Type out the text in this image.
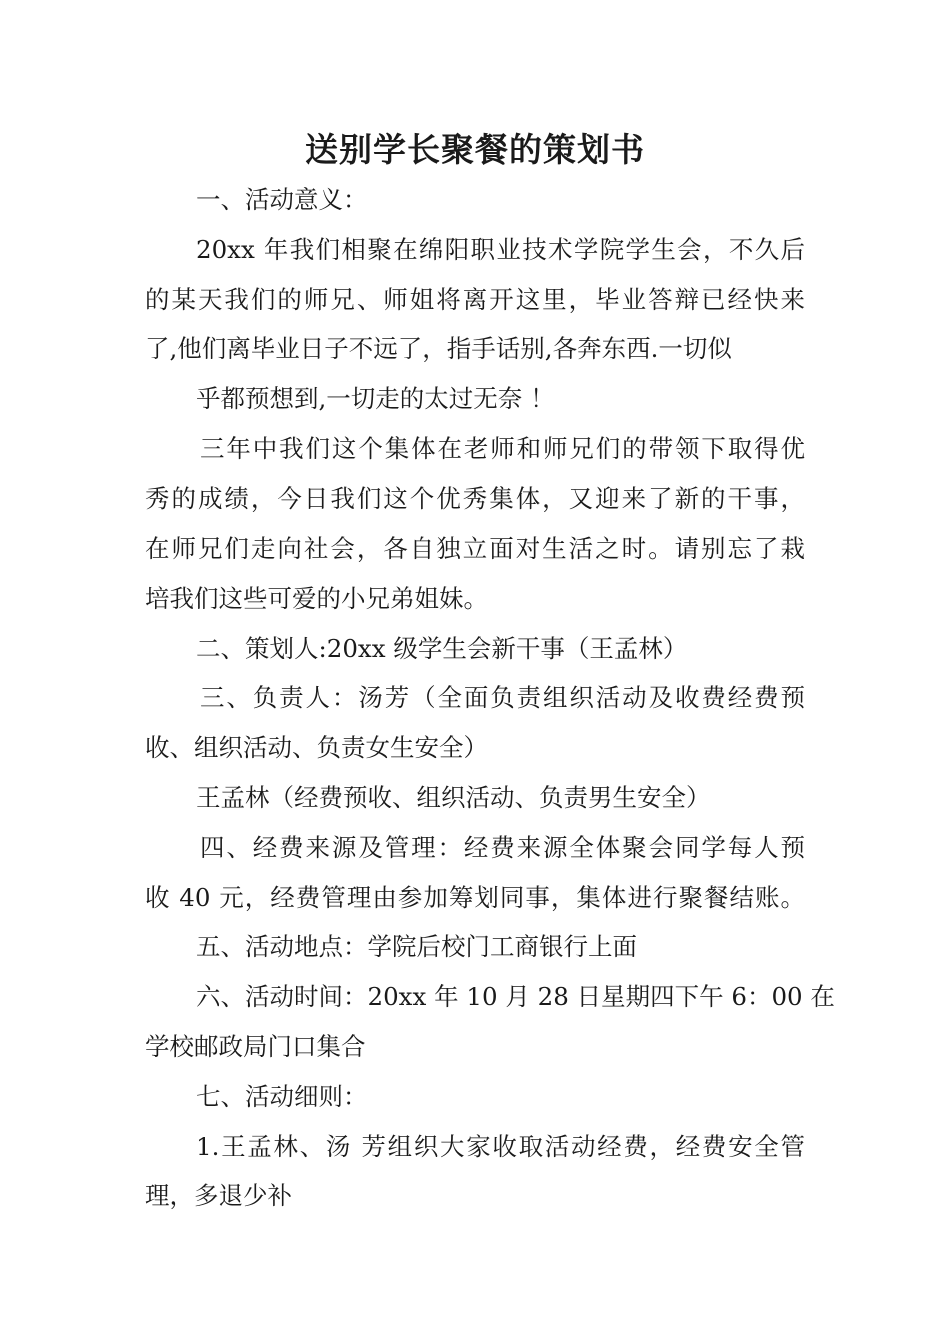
送别学长聚餐的策划书
一、活动意义：
20xx 年我们相聚在绵阳职业技术学院学生会，不久后
的某天我们的师兄、师姐将离开这里，毕业答辩已经快来
了,他们离毕业日子不远了，指手话别,各奔东西.一切似
乎都预想到,一切走的太过无奈 ！
三年中我们这个集体在老师和师兄们的带领下取得优
秀的成绩，今日我们这个优秀集体，又迎来了新的干事，
在师兄们走向社会，各自独立面对生活之时。请别忘了栽
培我们这些可爱的小兄弟姐妹。
二、策划人:20xx 级学生会新干事（王孟林）
三、负责人：汤芳（全面负责组织活动及收费经费预
收、组织活动、负责女生安全）
王孟林（经费预收、组织活动、负责男生安全）
四、经费来源及管理：经费来源全体聚会同学每人预
收 40 元，经费管理由参加筹划同事，集体进行聚餐结账。
五、活动地点：学院后校门工商银行上面
六、活动时间：20xx 年 10 月 28 日星期四下午 6：00 在
学校邮政局门口集合
七、活动细则：
1.王孟林、汤 芳组织大家收取活动经费，经费安全管
理，多退少补
